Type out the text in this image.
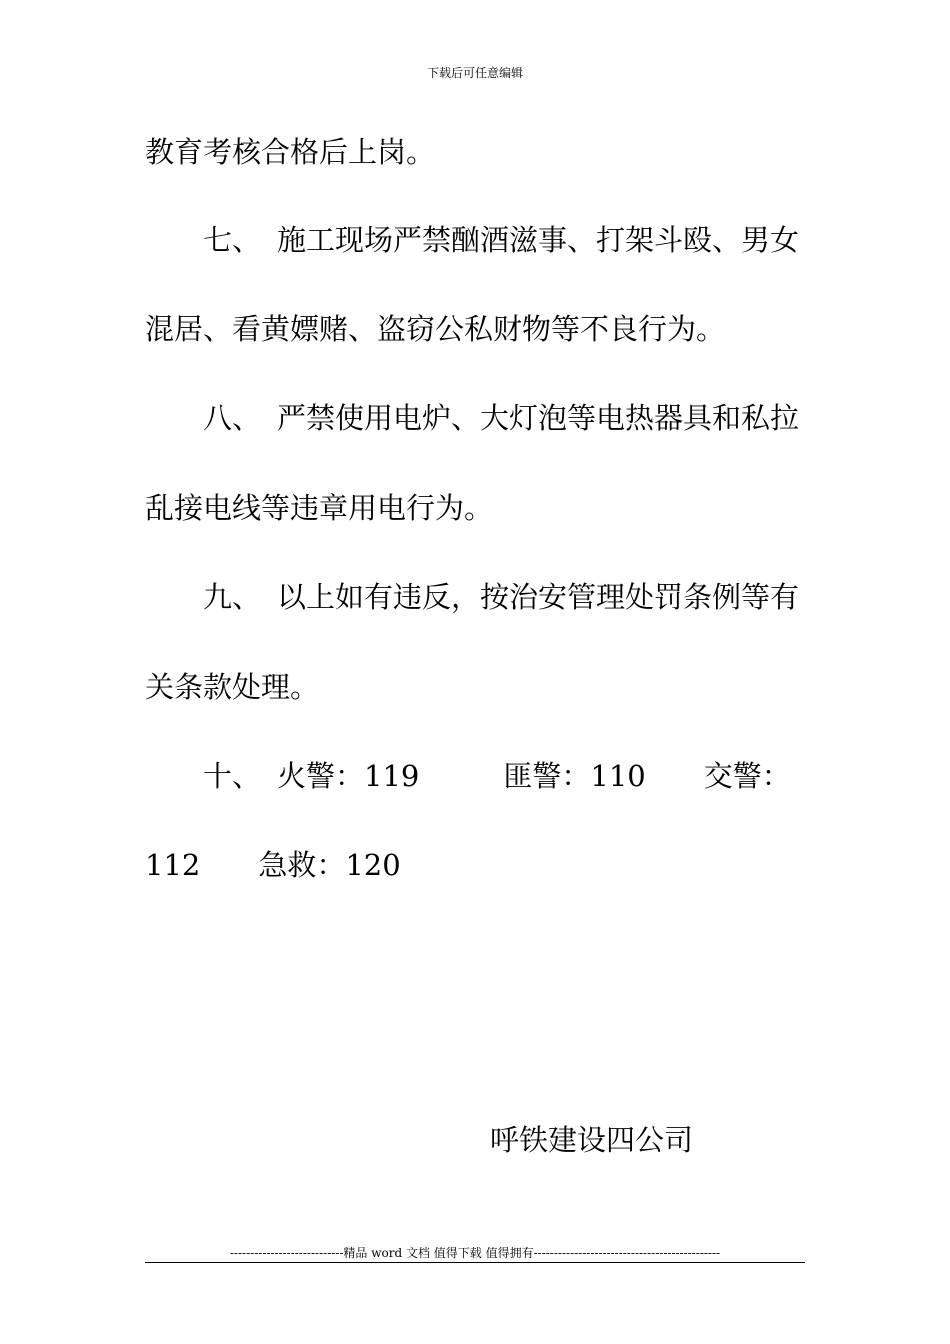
下载后可任意编辑
教育考核合格后上岗。
七、 施工现场严禁酗酒滋事、打架斗殴、男女
混居、看黄嫖赌、盗窃公私财物等不良行为。
八、 严禁使用电炉、大灯泡等电热器具和私拉
乱接电线等违章用电行为。
九、 以上如有违反，按治安管理处罚条例等有
关条款处理。
十、 火警：119	匪警：110 交警：
112 急救：120
呼铁建设四公司
----------------------------精品 word 文档 值得下载 值得拥有----------------------------------------------
